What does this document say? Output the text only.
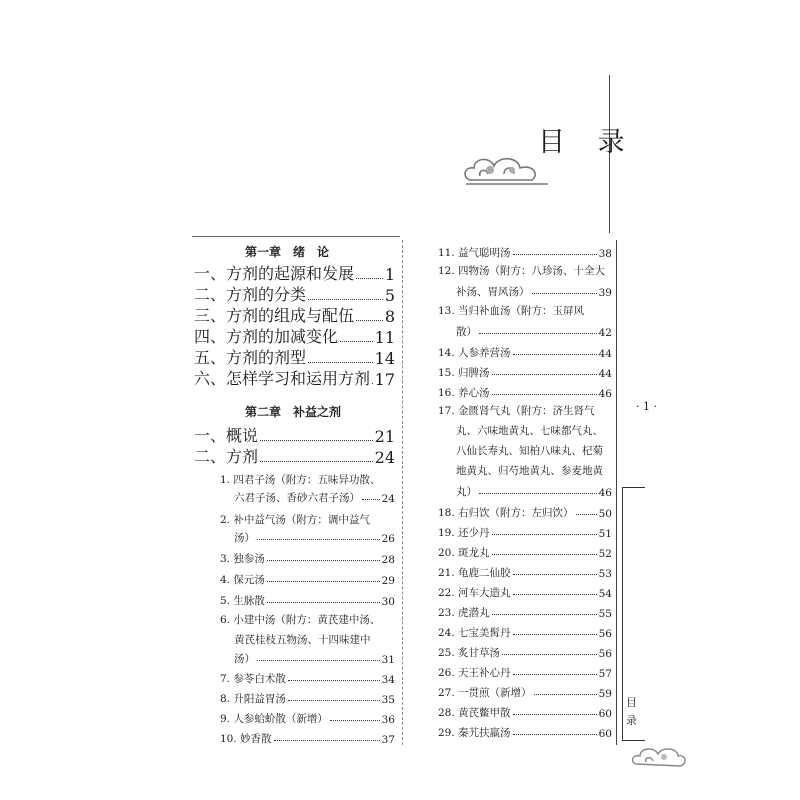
目 录
第一章　绪　论
一、方剂的起源和发展 1
二、方剂的分类	5
三、方剂的组成与配伍 8
四、方剂的加减变化 11
五、方剂的剂型	14
六、怎样学习和运用方剂 17
第二章　补益之剂
一、概说	21
二、方剂	24
1. 四君子汤（附方：五味异功散、
六君子汤、香砂六君子汤） 24
2. 补中益气汤（附方：调中益气
汤）	26
3. 独参汤	28
4. 保元汤	29
5. 生脉散	30
6. 小建中汤（附方：黄芪建中汤、
黄芪桂枝五物汤、十四味建中
汤）	31
7. 参苓白术散	34
8. 升阳益胃汤	35
9. 人参蛤蚧散（新增）	36
10. 妙香散	37
11. 益气聪明汤	38
12. 四物汤（附方：八珍汤、十全大
补汤、胃风汤）	39
13. 当归补血汤（附方：玉屏风
散）	42
14. 人参养营汤	44
15. 归脾汤	44
16. 养心汤	46
17. 金匮肾气丸（附方：济生肾气
丸、六味地黄丸、七味都气丸、
八仙长寿丸、知柏八味丸、杞菊
地黄丸、归芍地黄丸、参麦地黄
丸）	46
18. 右归饮（附方：左归饮） 50
19. 还少丹	51
20. 斑龙丸	52
21. 龟鹿二仙胶	53
22. 河车大造丸	54
23. 虎潜丸	55
24. 七宝美髯丹	56
25. 炙甘草汤	56
26. 天王补心丹	57
27. 一贯煎（新增）	59
28. 黄芪鳖甲散	60
29. 秦艽扶羸汤	60
· 1 ·
目录
